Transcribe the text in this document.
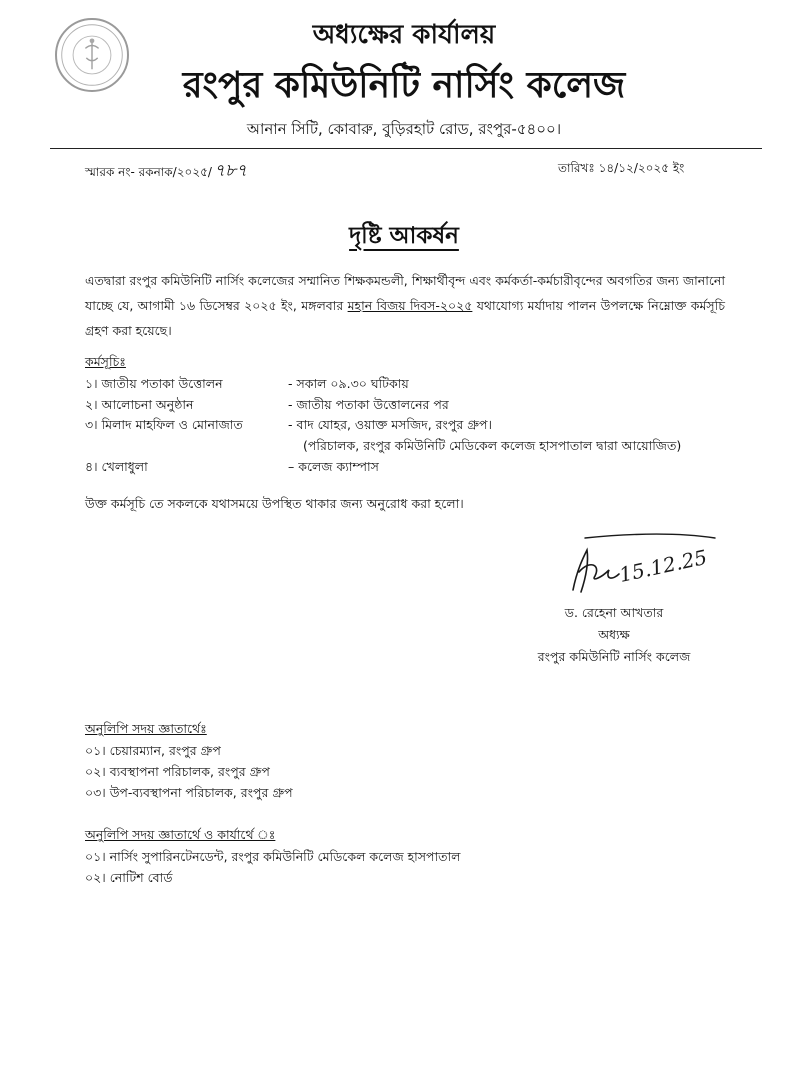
অধ্যক্ষের কার্যালয়
রংপুর কমিউনিটি নার্সিং কলেজ
আনান সিটি, কোবারু, বুড়িরহাট রোড, রংপুর-৫৪০০।
স্মারক নং- রকনাক/২০২৫/ ৭৮৭	তারিখঃ ১৪/১২/২০২৫ ইং
দৃষ্টি আকর্ষন
এতদ্বারা রংপুর কমিউনিটি নার্সিং কলেজের সম্মানিত শিক্ষকমন্ডলী, শিক্ষার্থীবৃন্দ এবং কর্মকর্তা-কর্মচারীবৃন্দের অবগতির জন্য জানানো যাচ্ছে যে, আগামী ১৬ ডিসেম্বর ২০২৫ ইং, মঙ্গলবার মহান বিজয় দিবস-২০২৫ যথাযোগ্য মর্যাদায় পালন উপলক্ষে নিম্নোক্ত কর্মসূচি গ্রহণ করা হয়েছে।
কর্মসূচিঃ
১। জাতীয় পতাকা উত্তোলন	- সকাল ০৯.৩০ ঘটিকায়
২। আলোচনা অনুষ্ঠান	- জাতীয় পতাকা উত্তোলনের পর
৩। মিলাদ মাহফিল ও মোনাজাত	- বাদ যোহর, ওয়াক্ত মসজিদ, রংপুর গ্রুপ।
(পরিচালক, রংপুর কমিউনিটি মেডিকেল কলেজ হাসপাতাল দ্বারা আয়োজিত)
৪। খেলাধুলা	– কলেজ ক্যাম্পাস
উক্ত কর্মসূচি তে সকলকে যথাসময়ে উপস্থিত থাকার জন্য অনুরোধ করা হলো।
15.12.25
ড. রেহেনা আখতার
অধ্যক্ষ
রংপুর কমিউনিটি নার্সিং কলেজ
অনুলিপি সদয় জ্ঞাতার্থেঃ
০১। চেয়ারম্যান, রংপুর গ্রুপ
০২। ব্যবস্থাপনা পরিচালক, রংপুর গ্রুপ
০৩। উপ-ব্যবস্থাপনা পরিচালক, রংপুর গ্রুপ
অনুলিপি সদয় জ্ঞাতার্থে ও কার্যার্থে ঃ
০১। নার্সিং সুপারিনটেনডেন্ট, রংপুর কমিউনিটি মেডিকেল কলেজ হাসপাতাল
০২। নোটিশ বোর্ড
